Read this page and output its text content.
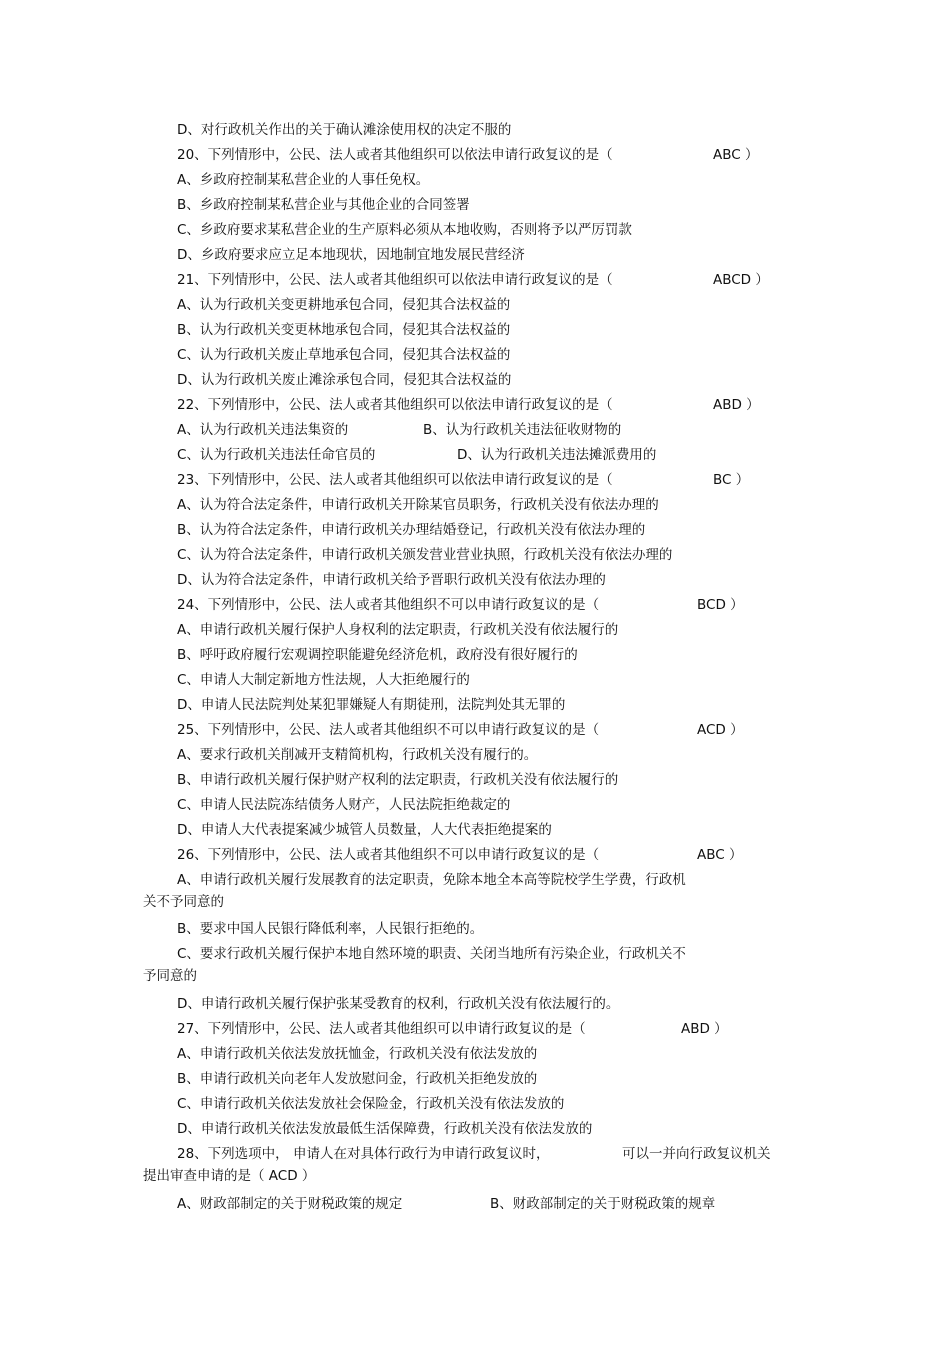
D、对行政机关作出的关于确认滩涂使用权的决定不服的
20、下列情形中，公民、法人或者其他组织可以依法申请行政复议的是（	ABC ）
A、乡政府控制某私营企业的人事任免权。
B、乡政府控制某私营企业与其他企业的合同签署
C、乡政府要求某私营企业的生产原料必须从本地收购，否则将予以严厉罚款
D、乡政府要求应立足本地现状，因地制宜地发展民营经济
21、下列情形中，公民、法人或者其他组织可以依法申请行政复议的是（	ABCD ）
A、认为行政机关变更耕地承包合同，侵犯其合法权益的
B、认为行政机关变更林地承包合同，侵犯其合法权益的
C、认为行政机关废止草地承包合同，侵犯其合法权益的
D、认为行政机关废止滩涂承包合同，侵犯其合法权益的
22、下列情形中，公民、法人或者其他组织可以依法申请行政复议的是（	ABD ）
A、认为行政机关违法集资的	B、认为行政机关违法征收财物的
C、认为行政机关违法任命官员的	D、认为行政机关违法摊派费用的
23、下列情形中，公民、法人或者其他组织可以依法申请行政复议的是（	BC ）
A、认为符合法定条件，申请行政机关开除某官员职务，行政机关没有依法办理的
B、认为符合法定条件，申请行政机关办理结婚登记，行政机关没有依法办理的
C、认为符合法定条件，申请行政机关颁发营业营业执照，行政机关没有依法办理的
D、认为符合法定条件，申请行政机关给予晋职行政机关没有依法办理的
24、下列情形中，公民、法人或者其他组织不可以申请行政复议的是（	BCD ）
A、申请行政机关履行保护人身权利的法定职责，行政机关没有依法履行的
B、呼吁政府履行宏观调控职能避免经济危机，政府没有很好履行的
C、申请人大制定新地方性法规，人大拒绝履行的
D、申请人民法院判处某犯罪嫌疑人有期徒刑，法院判处其无罪的
25、下列情形中，公民、法人或者其他组织不可以申请行政复议的是（	ACD ）
A、要求行政机关削减开支精简机构，行政机关没有履行的。
B、申请行政机关履行保护财产权利的法定职责，行政机关没有依法履行的
C、申请人民法院冻结债务人财产，人民法院拒绝裁定的
D、申请人大代表提案减少城管人员数量，人大代表拒绝提案的
26、下列情形中，公民、法人或者其他组织不可以申请行政复议的是（	ABC ）
A、申请行政机关履行发展教育的法定职责，免除本地全本高等院校学生学费，行政机
关不予同意的
B、要求中国人民银行降低利率，人民银行拒绝的。
C、要求行政机关履行保护本地自然环境的职责、关闭当地所有污染企业，行政机关不
予同意的
D、申请行政机关履行保护张某受教育的权利，行政机关没有依法履行的。
27、下列情形中，公民、法人或者其他组织可以申请行政复议的是（	ABD ）
A、申请行政机关依法发放抚恤金，行政机关没有依法发放的
B、申请行政机关向老年人发放慰问金，行政机关拒绝发放的
C、申请行政机关依法发放社会保险金，行政机关没有依法发放的
D、申请行政机关依法发放最低生活保障费，行政机关没有依法发放的
28、下列选项中， 申请人在对具体行政行为申请行政复议时，	可以一并向行政复议机关
提出审查申请的是（ ACD ）
A、财政部制定的关于财税政策的规定	B、财政部制定的关于财税政策的规章
